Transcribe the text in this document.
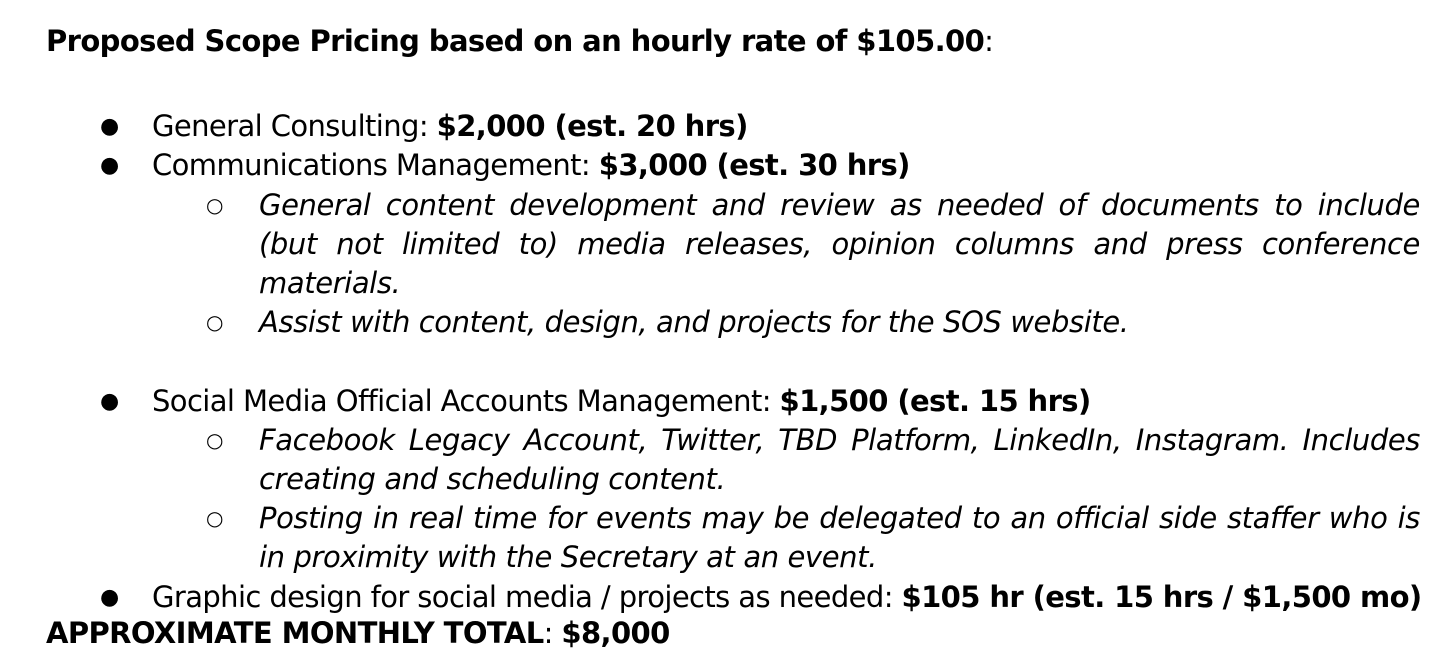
Proposed Scope Pricing based on an hourly rate of $105.00:
●	General Consulting: $2,000 (est. 20 hrs)
●	Communications Management: $3,000 (est. 30 hrs)
○ General content development and review as needed of documents to include (but not limited to) media releases, opinion columns and press conference materials.
○ Assist with content, design, and projects for the SOS website.
●	Social Media Official Accounts Management: $1,500 (est. 15 hrs)
○ Facebook Legacy Account, Twitter, TBD Platform, LinkedIn, Instagram. Includes creating and scheduling content.
○ Posting in real time for events may be delegated to an official side staffer who is in proximity with the Secretary at an event.
●	Graphic design for social media / projects as needed: $105 hr (est. 15 hrs / $1,500 mo)
APPROXIMATE MONTHLY TOTAL: $8,000
